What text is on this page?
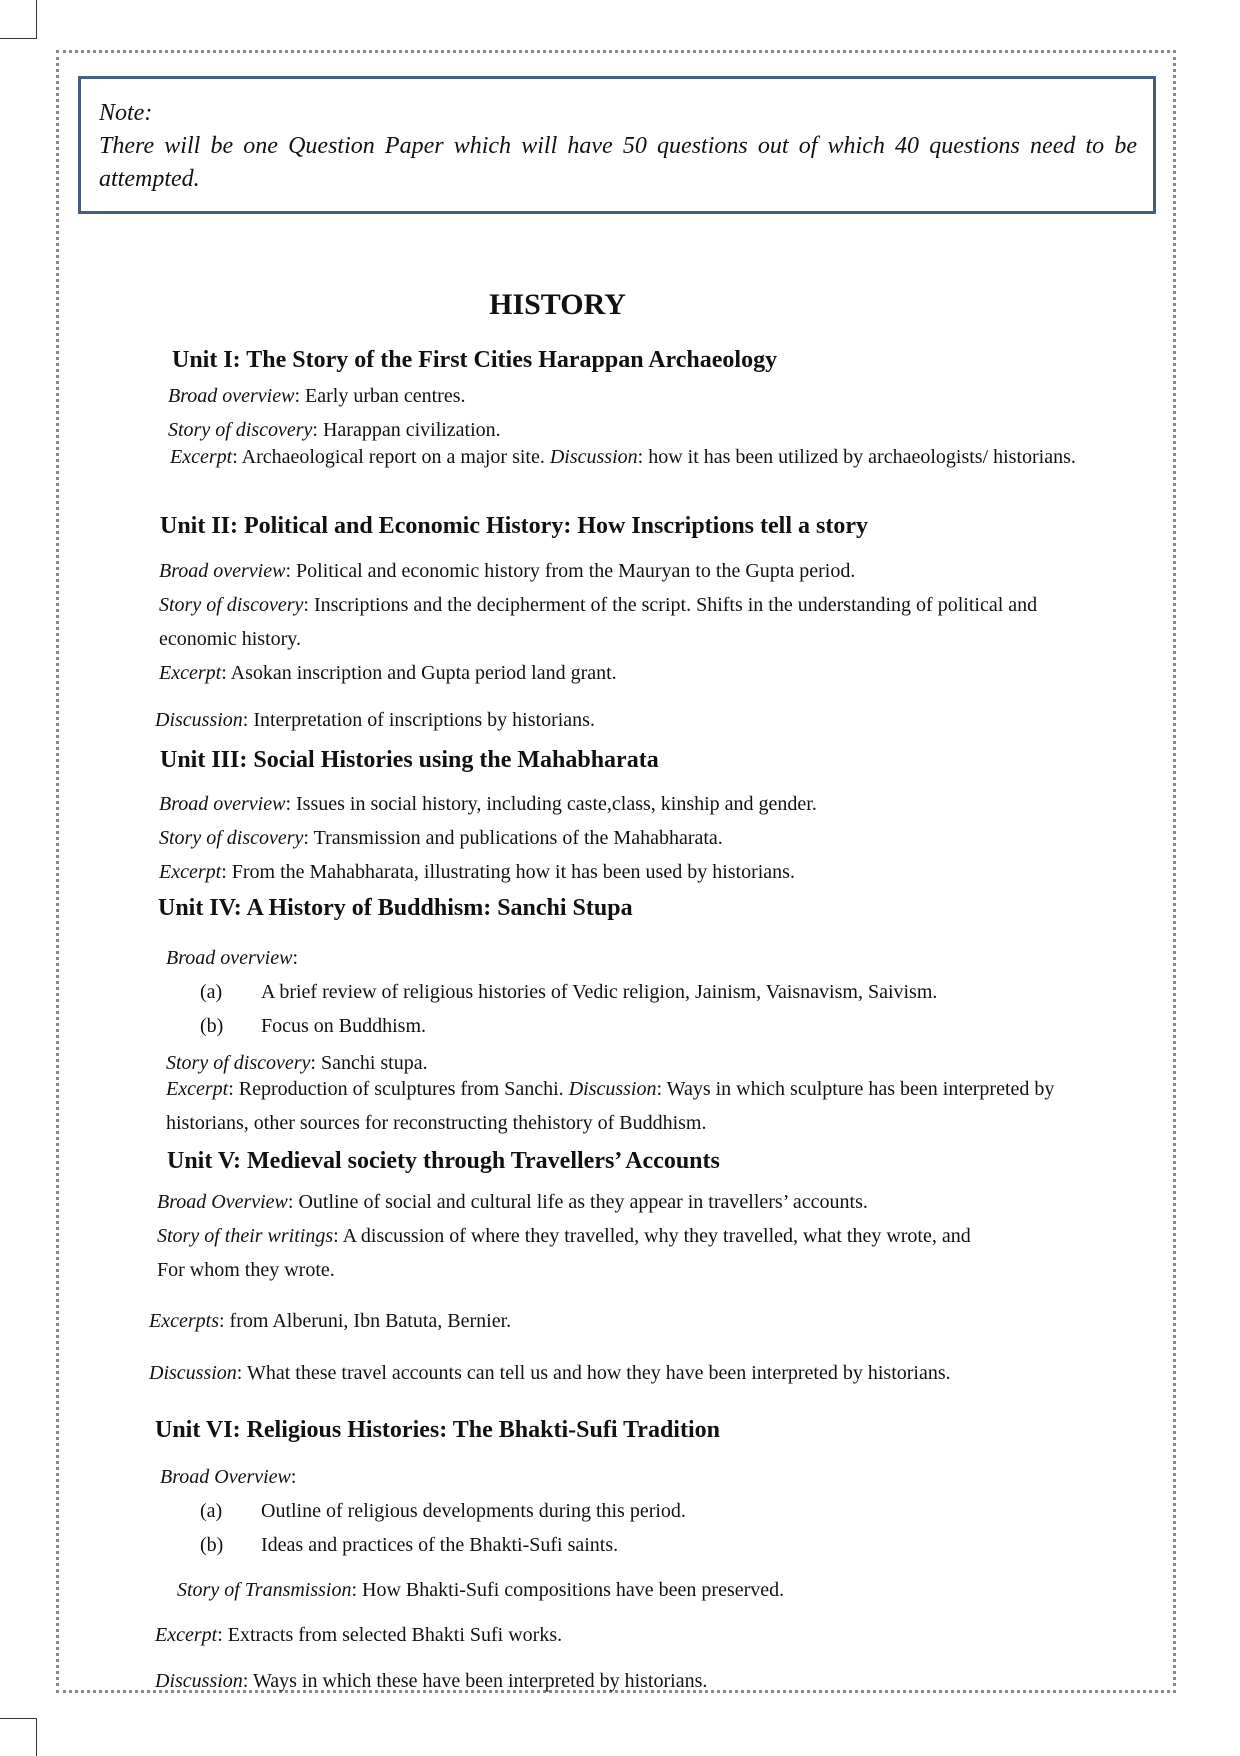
Note:
There will be one Question Paper which will have 50 questions out of which 40 questions need to be attempted.
HISTORY
Unit I: The Story of the First Cities Harappan Archaeology
Broad overview: Early urban centres.
Story of discovery: Harappan civilization.
Excerpt: Archaeological report on a major site. Discussion: how it has been utilized by archaeologists/ historians.
Unit II: Political and Economic History: How Inscriptions tell a story
Broad overview: Political and economic history from the Mauryan to the Gupta period.
Story of discovery: Inscriptions and the decipherment of the script. Shifts in the understanding of political and
economic history.
Excerpt: Asokan inscription and Gupta period land grant.
Discussion: Interpretation of inscriptions by historians.
Unit III: Social Histories using the Mahabharata
Broad overview: Issues in social history, including caste,class, kinship and gender.
Story of discovery: Transmission and publications of the Mahabharata.
Excerpt: From the Mahabharata, illustrating how it has been used by historians.
Unit IV: A History of Buddhism: Sanchi Stupa
Broad overview:
(a) A brief review of religious histories of Vedic religion, Jainism, Vaisnavism, Saivism.
(b) Focus on Buddhism.
Story of discovery: Sanchi stupa.
Excerpt: Reproduction of sculptures from Sanchi. Discussion: Ways in which sculpture has been interpreted by
historians, other sources for reconstructing thehistory of Buddhism.
Unit V: Medieval society through Travellers’ Accounts
Broad Overview: Outline of social and cultural life as they appear in travellers’ accounts.
Story of their writings: A discussion of where they travelled, why they travelled, what they wrote, and
For whom they wrote.
Excerpts: from Alberuni, Ibn Batuta, Bernier.
Discussion: What these travel accounts can tell us and how they have been interpreted by historians.
Unit VI: Religious Histories: The Bhakti-Sufi Tradition
Broad Overview:
(a) Outline of religious developments during this period.
(b) Ideas and practices of the Bhakti-Sufi saints.
Story of Transmission: How Bhakti-Sufi compositions have been preserved.
Excerpt: Extracts from selected Bhakti Sufi works.
Discussion: Ways in which these have been interpreted by historians.
